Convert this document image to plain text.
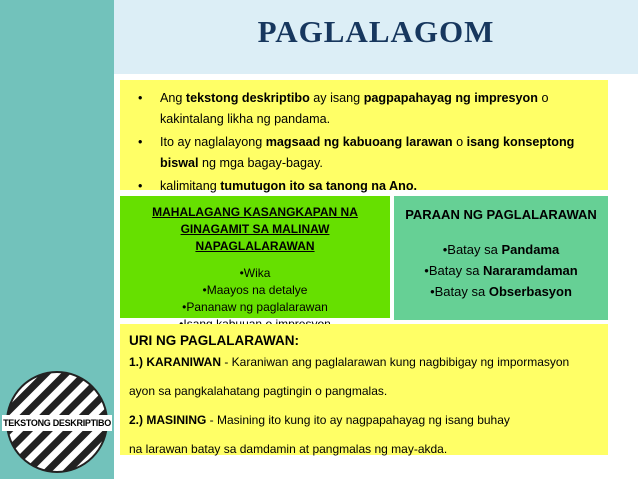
PAGLALAGOM
• Ang tekstong deskriptibo ay isang pagpapahayag ng impresyon o kakintalang likha ng pandama.
• Ito ay naglalayong magsaad ng kabuoang larawan o isang konseptong biswal ng mga bagay-bagay.
• kalimitang tumutugon ito sa tanong na Ano.
MAHALAGANG KASANGKAPAN NA GINAGAMIT SA MALINAW NAPAGLALARAWAN
•Wika
•Maayos na detalye
•Pananaw ng paglalarawan
PARAAN NG PAGLALARAWAN
•Batay sa Pandama
•Batay sa Nararamdaman
•Batay sa Obserbasyon
URI NG PAGLALARAWAN:
1.) KARANIWAN - Karaniwan ang paglalarawan kung nagbibigay ng impormasyon
ayon sa pangkalahatang pagtingin o pangmalas.
2.) MASINING - Masining ito kung ito ay nagpapahayag ng isang buhay
na larawan batay sa damdamin at pangmalas ng may-akda.
TEKSTONG DESKRIPTIBO
